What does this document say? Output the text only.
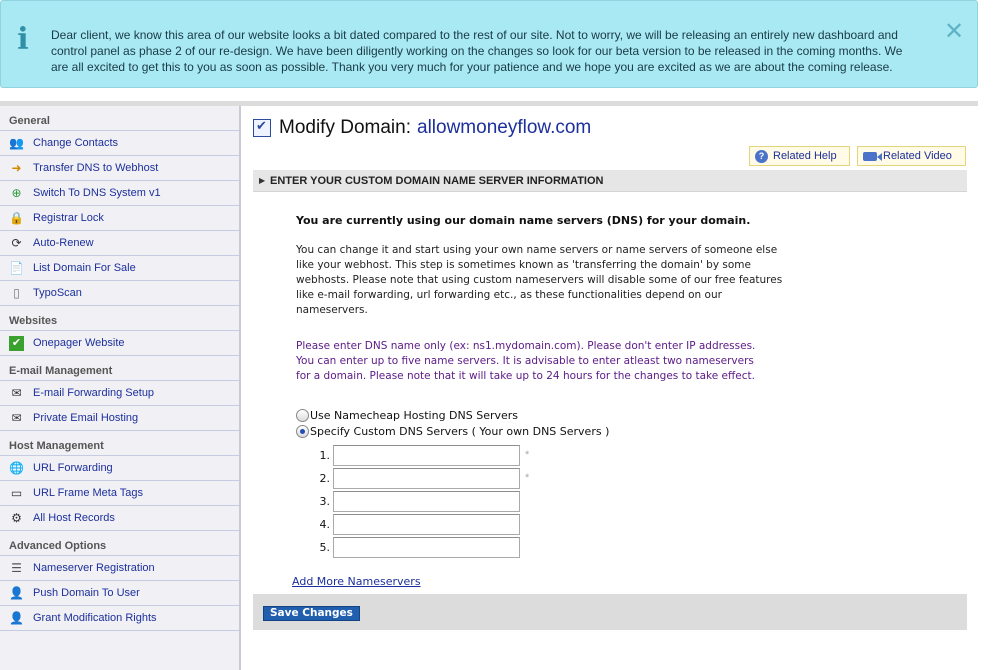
i Dear client, we know this area of our website looks a bit dated compared to the rest of our site. Not to worry, we will be releasing an entirely new dashboard and control panel as phase 2 of our re-design. We have been diligently working on the changes so look for our beta version to be released in the coming months. We are all excited to get this to you as soon as possible. Thank you very much for your patience and we hope you are excited as we are about the coming release.
✕
General
👥 Change Contacts
➜ Transfer DNS to Webhost
⊕ Switch To DNS System v1
🔒 Registrar Lock
⟳ Auto-Renew
📄 List Domain For Sale
▯	TypoScan
Websites
✔ Onepager Website
E-mail Management
✉ E-mail Forwarding Setup
✉ Private Email Hosting
Host Management
🌐 URL Forwarding
▭ URL Frame Meta Tags
⚙ All Host Records
Advanced Options
☰ Nameserver Registration
👤 Push Domain To User
👤 Grant Modification Rights
✔
Modify Domain: allowmoneyflow.com
? Related Help	Related Video
▶ ENTER YOUR CUSTOM DOMAIN NAME SERVER INFORMATION
You are currently using our domain name servers (DNS) for your domain.
You can change it and start using your own name servers or name servers of someone else like your webhost. This step is sometimes known as 'transferring the domain' by some webhosts. Please note that using custom nameservers will disable some of our free features like e-mail forwarding, url forwarding etc., as these functionalities depend on our nameservers.
Please enter DNS name only (ex: ns1.mydomain.com). Please don't enter IP addresses. You can enter up to five name servers. It is advisable to enter atleast two nameservers for a domain. Please note that it will take up to 24 hours for the changes to take effect.
Use Namecheap Hosting DNS Servers
Specify Custom DNS Servers ( Your own DNS Servers )
1.	*
2.	*
3.
4.
5.
Add More Nameservers
Save Changes
